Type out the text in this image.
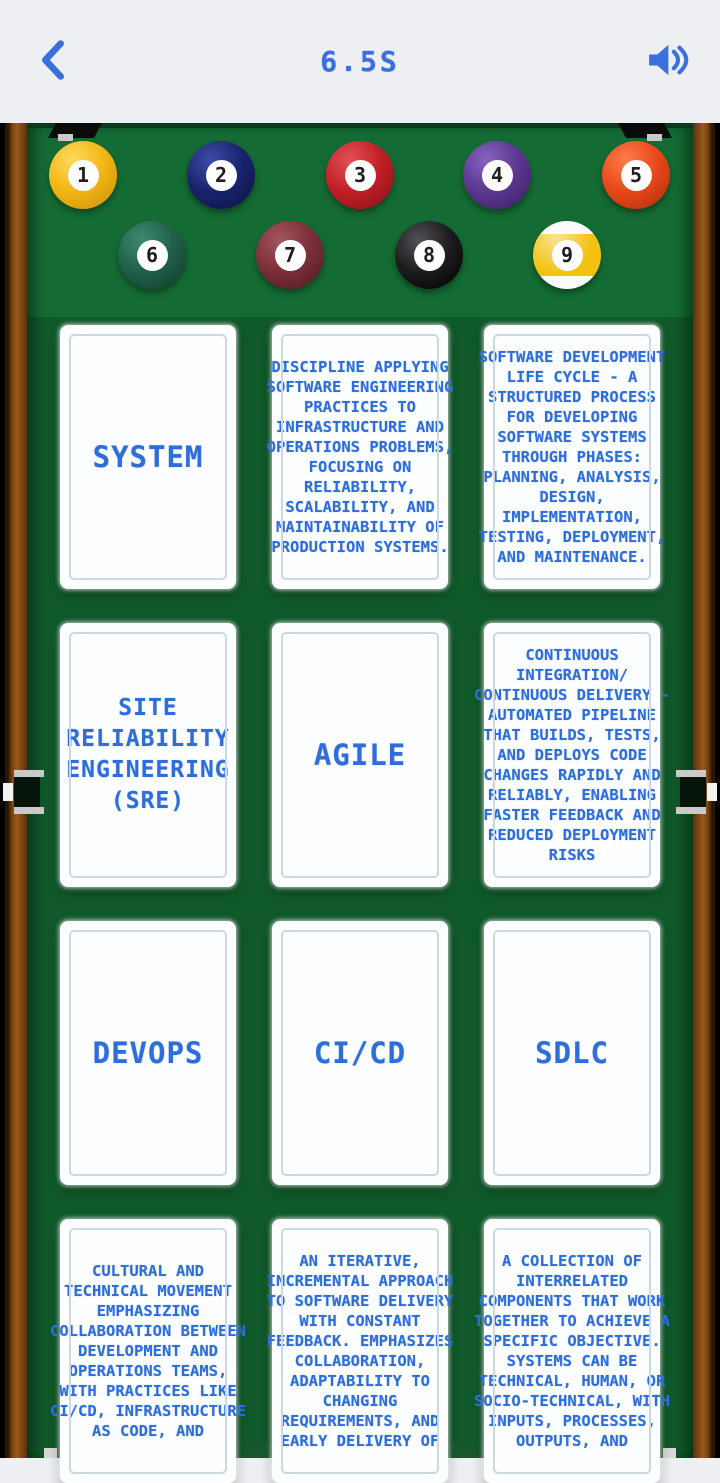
6.5S
1	2	3	4	5
6	7	8	9
SYSTEM
DISCIPLINE APPLYING SOFTWARE ENGINEERING PRACTICES TO INFRASTRUCTURE AND OPERATIONS PROBLEMS, FOCUSING ON RELIABILITY, SCALABILITY, AND MAINTAINABILITY OF PRODUCTION SYSTEMS.
SOFTWARE DEVELOPMENT LIFE CYCLE - A STRUCTURED PROCESS FOR DEVELOPING SOFTWARE SYSTEMS THROUGH PHASES: PLANNING, ANALYSIS, DESIGN, IMPLEMENTATION, TESTING, DEPLOYMENT, AND MAINTENANCE.
SITE RELIABILITY ENGINEERING (SRE)
AGILE
CONTINUOUS INTEGRATION/ CONTINUOUS DELIVERY - AUTOMATED PIPELINE THAT BUILDS, TESTS, AND DEPLOYS CODE CHANGES RAPIDLY AND RELIABLY, ENABLING FASTER FEEDBACK AND REDUCED DEPLOYMENT RISKS
DEVOPS	CI/CD	SDLC
CULTURAL AND TECHNICAL MOVEMENT EMPHASIZING COLLABORATION BETWEEN DEVELOPMENT AND OPERATIONS TEAMS, WITH PRACTICES LIKE CI/CD, INFRASTRUCTURE AS CODE, AND
AN ITERATIVE, INCREMENTAL APPROACH TO SOFTWARE DELIVERY WITH CONSTANT FEEDBACK. EMPHASIZES COLLABORATION, ADAPTABILITY TO CHANGING REQUIREMENTS, AND EARLY DELIVERY OF
A COLLECTION OF INTERRELATED COMPONENTS THAT WORK TOGETHER TO ACHIEVE A SPECIFIC OBJECTIVE. SYSTEMS CAN BE TECHNICAL, HUMAN, OR SOCIO-TECHNICAL, WITH INPUTS, PROCESSES, OUTPUTS, AND
